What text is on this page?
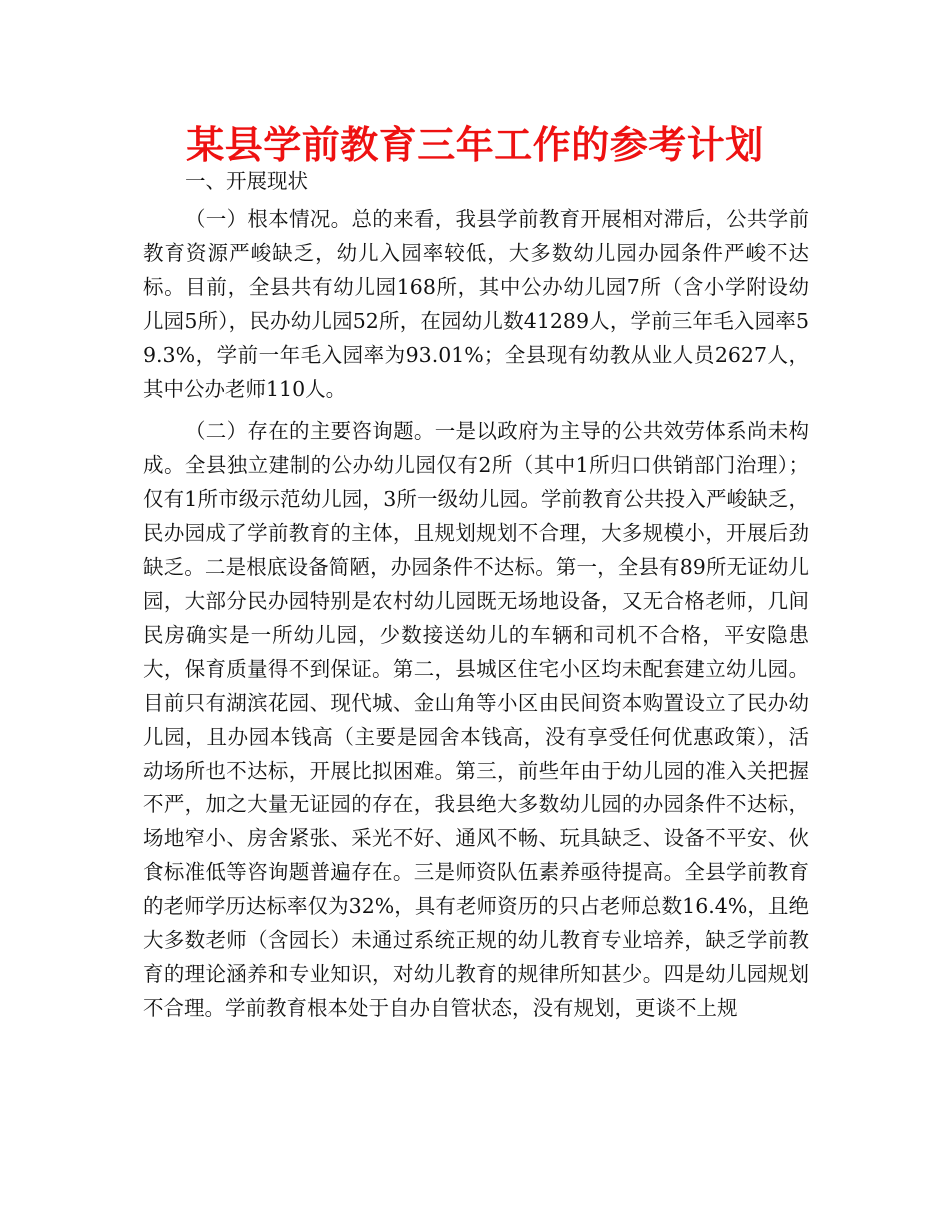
某县学前教育三年工作的参考计划

一、开展现状

（一）根本情况。总的来看，我县学前教育开展相对滞后，公共学前教育资源严峻缺乏，幼儿入园率较低，大多数幼儿园办园条件严峻不达标。目前，全县共有幼儿园168所，其中公办幼儿园7所（含小学附设幼儿园5所），民办幼儿园52所，在园幼儿数41289人，学前三年毛入园率59.3%，学前一年毛入园率为93.01%；全县现有幼教从业人员2627人，其中公办老师110人。

（二）存在的主要咨询题。一是以政府为主导的公共效劳体系尚未构成。全县独立建制的公办幼儿园仅有2所（其中1所归口供销部门治理）；仅有1所市级示范幼儿园，3所一级幼儿园。学前教育公共投入严峻缺乏，民办园成了学前教育的主体，且规划规划不合理，大多规模小，开展后劲缺乏。二是根底设备简陋，办园条件不达标。第一，全县有89所无证幼儿园，大部分民办园特别是农村幼儿园既无场地设备，又无合格老师，几间民房确实是一所幼儿园，少数接送幼儿的车辆和司机不合格，平安隐患大，保育质量得不到保证。第二，县城区住宅小区均未配套建立幼儿园。目前只有湖滨花园、现代城、金山角等小区由民间资本购置设立了民办幼儿园，且办园本钱高（主要是园舍本钱高，没有享受任何优惠政策），活动场所也不达标，开展比拟困难。第三，前些年由于幼儿园的准入关把握不严，加之大量无证园的存在，我县绝大多数幼儿园的办园条件不达标，场地窄小、房舍紧张、采光不好、通风不畅、玩具缺乏、设备不平安、伙食标准低等咨询题普遍存在。三是师资队伍素养亟待提高。全县学前教育的老师学历达标率仅为32%，具有老师资历的只占老师总数16.4%，且绝大多数老师（含园长）未通过系统正规的幼儿教育专业培养，缺乏学前教育的理论涵养和专业知识，对幼儿教育的规律所知甚少。四是幼儿园规划不合理。学前教育根本处于自办自管状态，没有规划，更谈不上规
